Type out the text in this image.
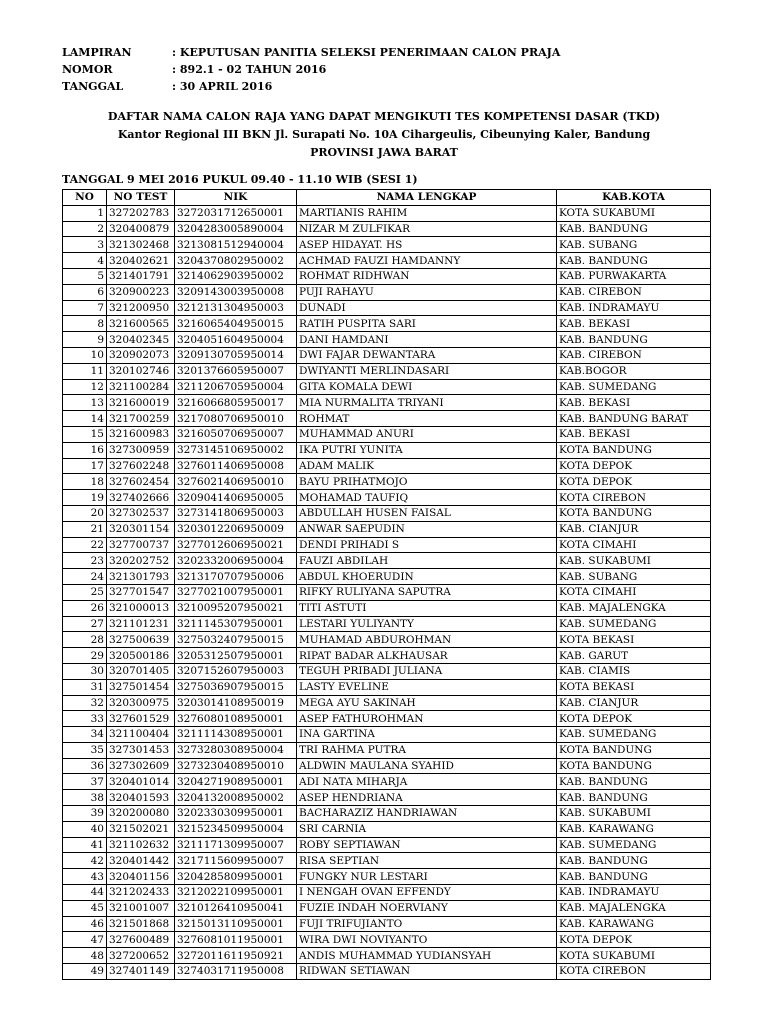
LAMPIRAN	: KEPUTUSAN PANITIA SELEKSI PENERIMAAN CALON PRAJA
NOMOR	: 892.1 - 02 TAHUN 2016
TANGGAL	: 30 APRIL 2016
DAFTAR NAMA CALON RAJA YANG DAPAT MENGIKUTI TES KOMPETENSI DASAR (TKD)
Kantor Regional III BKN Jl. Surapati No. 10A Cihargeulis, Cibeunying Kaler, Bandung
PROVINSI JAWA BARAT
TANGGAL 9 MEI 2016 PUKUL 09.40 - 11.10 WIB (SESI 1)
NO	NO TEST	NIK	NAMA LENGKAP	KAB.KOTA
1	327202783	3272031712650001	MARTIANIS RAHIM	KOTA SUKABUMI
2	320400879	3204283005890004	NIZAR M ZULFIKAR	KAB. BANDUNG
3	321302468	3213081512940004	ASEP HIDAYAT. HS	KAB. SUBANG
4	320402621	3204370802950002	ACHMAD FAUZI HAMDANNY	KAB. BANDUNG
5	321401791	3214062903950002	ROHMAT RIDHWAN	KAB. PURWAKARTA
6	320900223	3209143003950008	PUJI RAHAYU	KAB. CIREBON
7	321200950	3212131304950003	DUNADI	KAB. INDRAMAYU
8	321600565	3216065404950015	RATIH PUSPITA SARI	KAB. BEKASI
9	320402345	3204051604950004	DANI HAMDANI	KAB. BANDUNG
10	320902073	3209130705950014	DWI FAJAR DEWANTARA	KAB. CIREBON
11	320102746	3201376605950007	DWIYANTI MERLINDASARI	KAB.BOGOR
12	321100284	3211206705950004	GITA KOMALA DEWI	KAB. SUMEDANG
13	321600019	3216066805950017	MIA NURMALITA TRIYANI	KAB. BEKASI
14	321700259	3217080706950010	ROHMAT	KAB. BANDUNG BARAT
15	321600983	3216050706950007	MUHAMMAD ANURI	KAB. BEKASI
16	327300959	3273145106950002	IKA PUTRI YUNITA	KOTA BANDUNG
17	327602248	3276011406950008	ADAM MALIK	KOTA DEPOK
18	327602454	3276021406950010	BAYU PRIHATMOJO	KOTA DEPOK
19	327402666	3209041406950005	MOHAMAD TAUFIQ	KOTA CIREBON
20	327302537	3273141806950003	ABDULLAH HUSEN FAISAL	KOTA BANDUNG
21	320301154	3203012206950009	ANWAR SAEPUDIN	KAB. CIANJUR
22	327700737	3277012606950021	DENDI PRIHADI S	KOTA CIMAHI
23	320202752	3202332006950004	FAUZI ABDILAH	KAB. SUKABUMI
24	321301793	3213170707950006	ABDUL KHOERUDIN	KAB. SUBANG
25	327701547	3277021007950001	RIFKY RULIYANA SAPUTRA	KOTA CIMAHI
26	321000013	3210095207950021	TITI ASTUTI	KAB. MAJALENGKA
27	321101231	3211145307950001	LESTARI YULIYANTY	KAB. SUMEDANG
28	327500639	3275032407950015	MUHAMAD ABDUROHMAN	KOTA BEKASI
29	320500186	3205312507950001	RIPAT BADAR ALKHAUSAR	KAB. GARUT
30	320701405	3207152607950003	TEGUH PRIBADI JULIANA	KAB. CIAMIS
31	327501454	3275036907950015	LASTY EVELINE	KOTA BEKASI
32	320300975	3203014108950019	MEGA AYU SAKINAH	KAB. CIANJUR
33	327601529	3276080108950001	ASEP FATHUROHMAN	KOTA DEPOK
34	321100404	3211114308950001	INA GARTINA	KAB. SUMEDANG
35	327301453	3273280308950004	TRI RAHMA PUTRA	KOTA BANDUNG
36	327302609	3273230408950010	ALDWIN MAULANA SYAHID	KOTA BANDUNG
37	320401014	3204271908950001	ADI NATA MIHARJA	KAB. BANDUNG
38	320401593	3204132008950002	ASEP HENDRIANA	KAB. BANDUNG
39	320200080	3202330309950001	BACHARAZIZ HANDRIAWAN	KAB. SUKABUMI
40	321502021	3215234509950004	SRI CARNIA	KAB. KARAWANG
41	321102632	3211171309950007	ROBY SEPTIAWAN	KAB. SUMEDANG
42	320401442	3217115609950007	RISA SEPTIAN	KAB. BANDUNG
43	320401156	3204285809950001	FUNGKY NUR LESTARI	KAB. BANDUNG
44	321202433	3212022109950001	I NENGAH OVAN EFFENDY	KAB. INDRAMAYU
45	321001007	3210126410950041	FUZIE INDAH NOERVIANY	KAB. MAJALENGKA
46	321501868	3215013110950001	FUJI TRIFUJIANTO	KAB. KARAWANG
47	327600489	3276081011950001	WIRA DWI NOVIYANTO	KOTA DEPOK
48	327200652	3272011611950921	ANDIS MUHAMMAD YUDIANSYAH	KOTA SUKABUMI
49	327401149	3274031711950008	RIDWAN SETIAWAN	KOTA CIREBON
